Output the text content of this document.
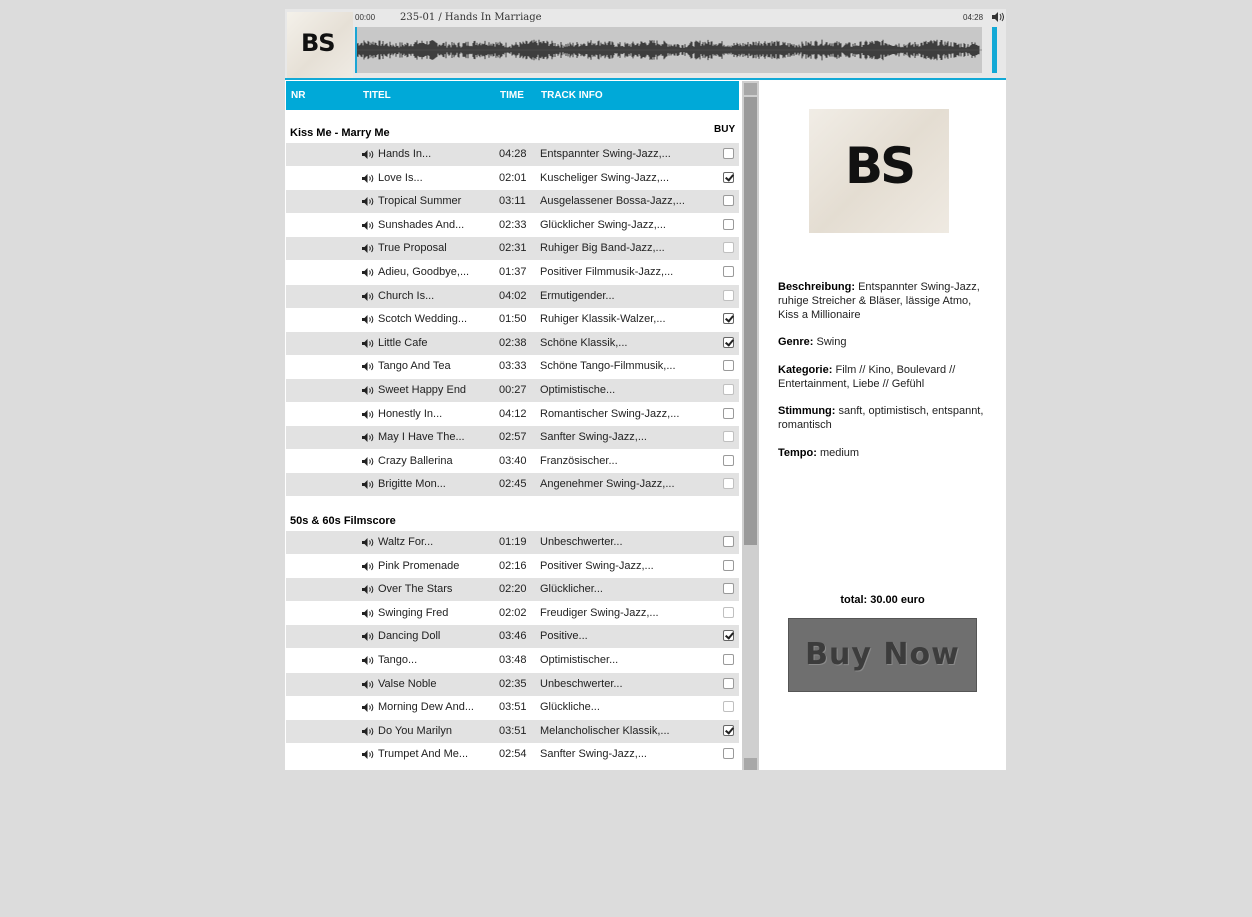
BS
00:00 235-01 / Hands In Marriage	04:28
NR	TITEL	TIME TRACK INFO
Kiss Me - Marry Me	BUY
Hands In...	04:28 Entspannter Swing-Jazz,...
Love Is...	02:01 Kuscheliger Swing-Jazz,...
Tropical Summer	03:11 Ausgelassener Bossa-Jazz,...
Sunshades And...	02:33 Glücklicher Swing-Jazz,...
True Proposal	02:31 Ruhiger Big Band-Jazz,...
Adieu, Goodbye,...	01:37 Positiver Filmmusik-Jazz,...
Church Is...	04:02 Ermutigender...
Scotch Wedding...	01:50 Ruhiger Klassik-Walzer,...
Little Cafe	02:38 Schöne Klassik,...
Tango And Tea	03:33 Schöne Tango-Filmmusik,...
Sweet Happy End	00:27 Optimistische...
Honestly In...	04:12 Romantischer Swing-Jazz,...
May I Have The...	02:57 Sanfter Swing-Jazz,...
Crazy Ballerina	03:40 Französischer...
Brigitte Mon...	02:45 Angenehmer Swing-Jazz,...
50s & 60s Filmscore
Waltz For...	01:19 Unbeschwerter...
Pink Promenade	02:16 Positiver Swing-Jazz,...
Over The Stars	02:20 Glücklicher...
Swinging Fred	02:02 Freudiger Swing-Jazz,...
Dancing Doll	03:46 Positive...
Tango...	03:48 Optimistischer...
Valse Noble	02:35 Unbeschwerter...
Morning Dew And... 03:51 Glückliche...
Do You Marilyn	03:51 Melancholischer Klassik,...
Trumpet And Me...	02:54 Sanfter Swing-Jazz,...
BS
Beschreibung: Entspannter Swing-Jazz, ruhige Streicher & Bläser, lässige Atmo, Kiss a Millionaire
Genre: Swing
Kategorie: Film // Kino, Boulevard // Entertainment, Liebe // Gefühl
Stimmung: sanft, optimistisch, entspannt, romantisch
Tempo: medium
total: 30.00 euro
Buy Now
